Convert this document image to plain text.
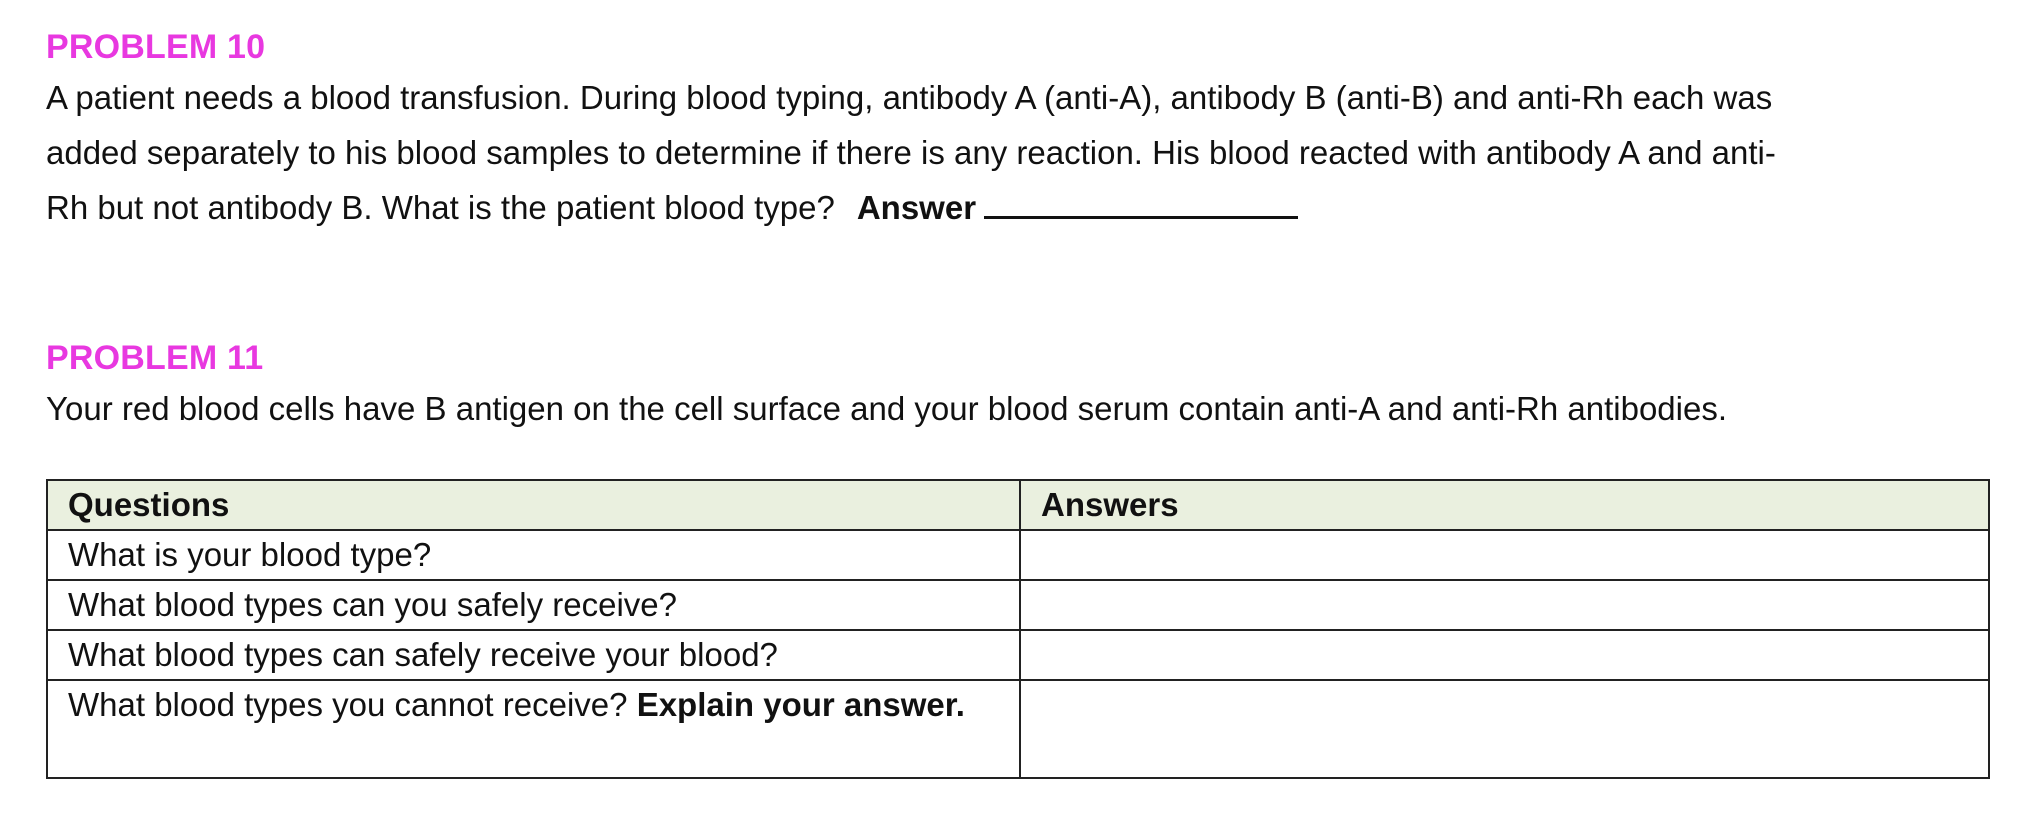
PROBLEM 10

A patient needs a blood transfusion. During blood typing, antibody A (anti-A), antibody B (anti-B) and anti-Rh each was
added separately to his blood samples to determine if there is any reaction. His blood reacted with antibody A and anti-
Rh but not antibody B. What is the patient blood type? Answer

PROBLEM 11

Your red blood cells have B antigen on the cell surface and your blood serum contain anti-A and anti-Rh antibodies.

Questions	Answers
What is your blood type?	
What blood types can you safely receive?	
What blood types can safely receive your blood?	
What blood types you cannot receive? Explain your answer.	
